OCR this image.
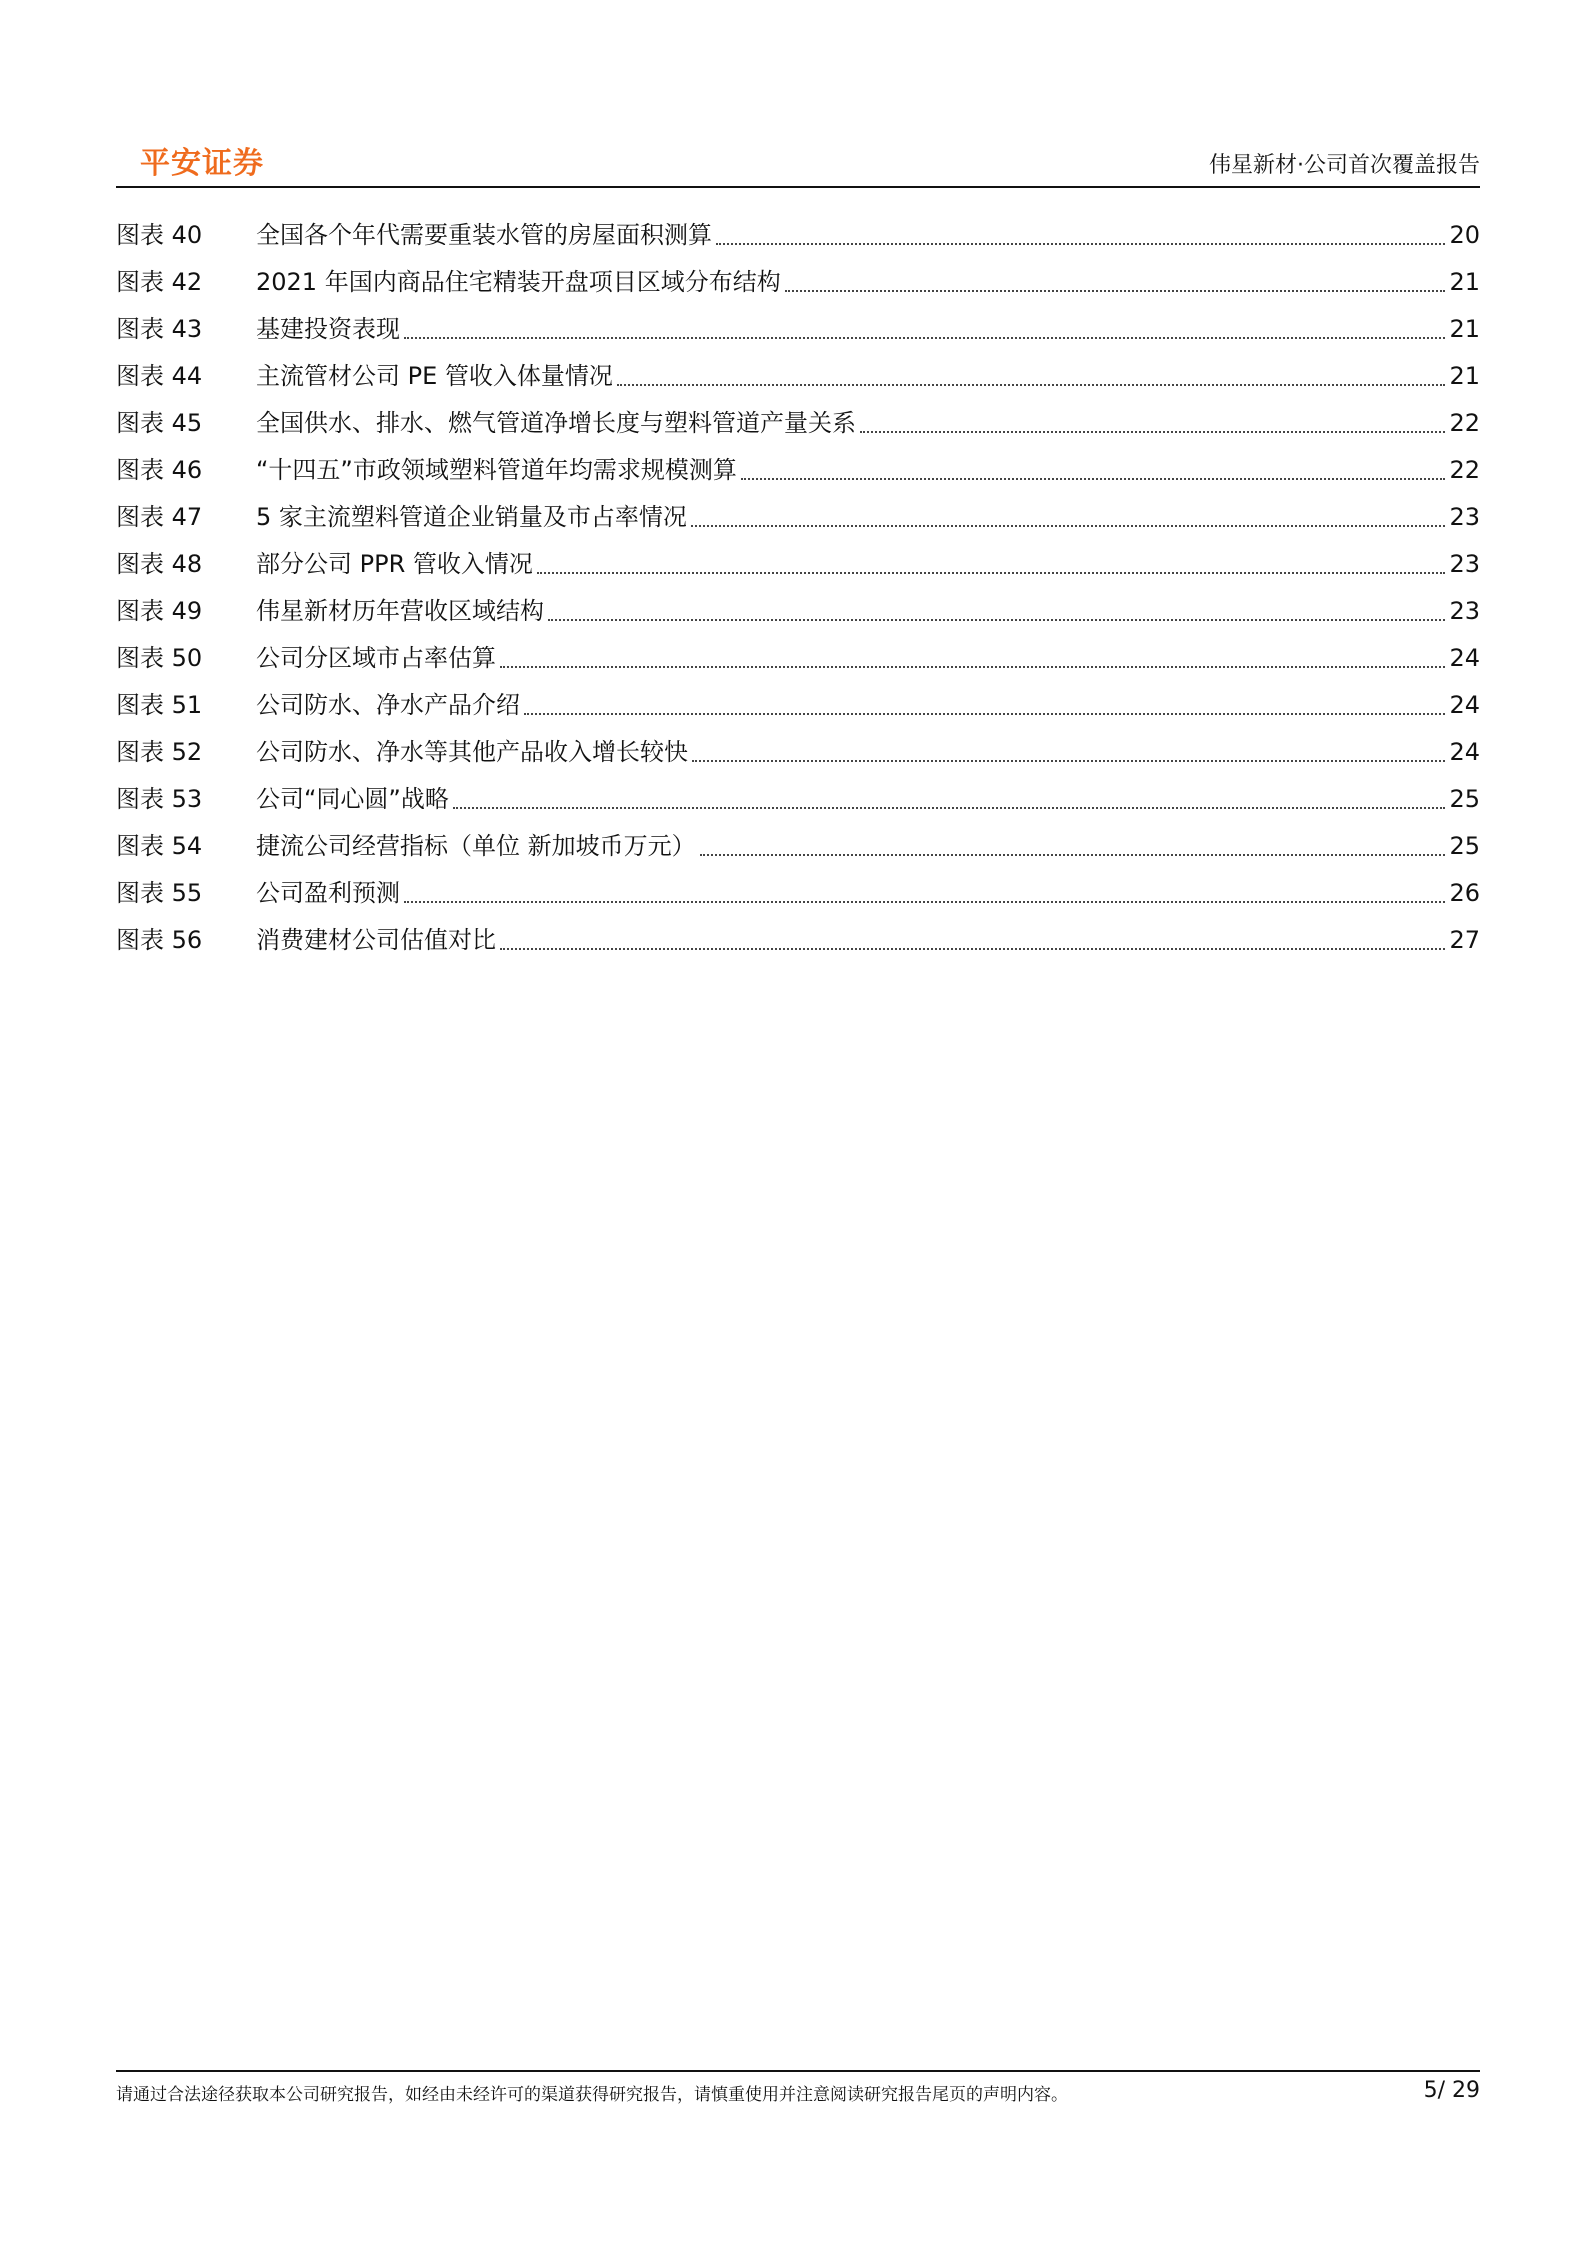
平安证券	伟星新材·公司首次覆盖报告
图表 40	全国各个年代需要重装水管的房屋面积测算	20
图表 42	2021 年国内商品住宅精装开盘项目区域分布结构	21
图表 43	基建投资表现	21
图表 44	主流管材公司 PE 管收入体量情况	21
图表 45	全国供水、排水、燃气管道净增长度与塑料管道产量关系	22
图表 46	“十四五”市政领域塑料管道年均需求规模测算	22
图表 47	5 家主流塑料管道企业销量及市占率情况	23
图表 48	部分公司 PPR 管收入情况	23
图表 49	伟星新材历年营收区域结构	23
图表 50	公司分区域市占率估算	24
图表 51	公司防水、净水产品介绍	24
图表 52	公司防水、净水等其他产品收入增长较快	24
图表 53	公司“同心圆”战略	25
图表 54	捷流公司经营指标（单位 新加坡币万元）	25
图表 55	公司盈利预测	26
图表 56	消费建材公司估值对比	27
请通过合法途径获取本公司研究报告，如经由未经许可的渠道获得研究报告，请慎重使用并注意阅读研究报告尾页的声明内容。	5/ 29
